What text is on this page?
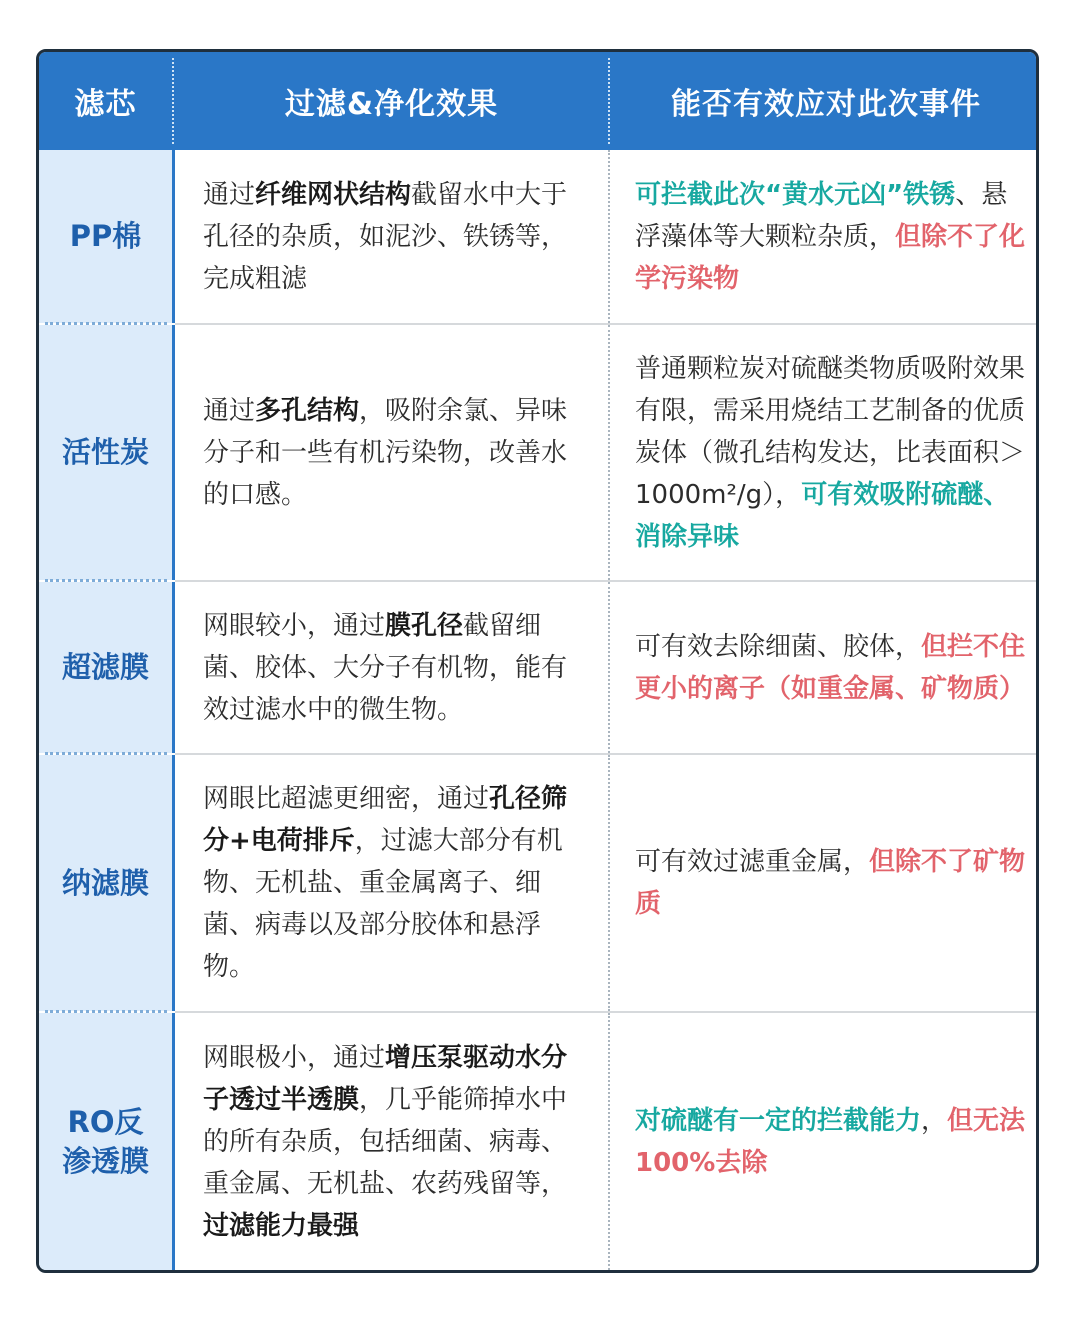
滤芯	过滤&净化效果	能否有效应对此次事件
PP棉
通过纤维网状结构截留水中大于孔径的杂质，如泥沙、铁锈等，完成粗滤
可拦截此次“黄水元凶”铁锈、悬浮藻体等大颗粒杂质，但除不了化学污染物
活性炭
通过多孔结构，吸附余氯、异味分子和一些有机污染物，改善水的口感。
普通颗粒炭对硫醚类物质吸附效果有限，需采用烧结工艺制备的优质炭体（微孔结构发达，比表面积＞1000m²/g），可有效吸附硫醚、消除异味
超滤膜
网眼较小，通过膜孔径截留细菌、胶体、大分子有机物，能有效过滤水中的微生物。
可有效去除细菌、胶体，但拦不住更小的离子（如重金属、矿物质）
纳滤膜
网眼比超滤更细密，通过孔径筛分+电荷排斥，过滤大部分有机物、无机盐、重金属离子、细菌、病毒以及部分胶体和悬浮物。
可有效过滤重金属，但除不了矿物质
RO反
渗透膜
网眼极小，通过增压泵驱动水分子透过半透膜，几乎能筛掉水中的所有杂质，包括细菌、病毒、重金属、无机盐、农药残留等，过滤能力最强
对硫醚有一定的拦截能力，但无法100%去除
